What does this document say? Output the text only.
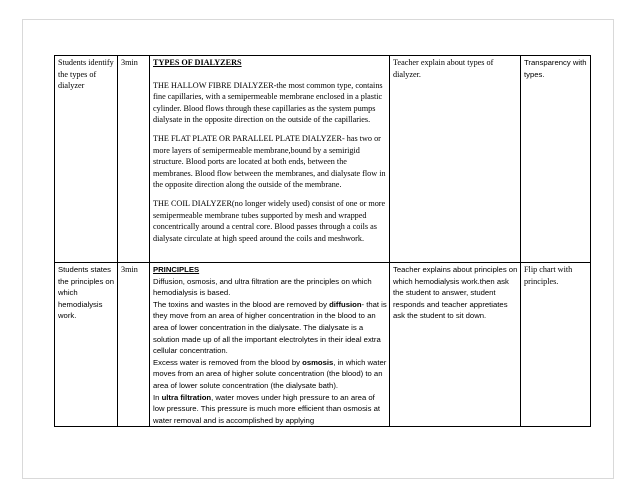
Students identify the types of dialyzer	3min	TYPES OF DIALYZERS

THE HALLOW FIBRE DIALYZER-the most common type, contains fine capillaries, with a semipermeable membrane enclosed in a plastic cylinder. Blood flows through these capillaries as the system pumps dialysate in the opposite direction on the outside of the capillaries.

THE FLAT PLATE OR PARALLEL PLATE DIALYZER- has two or more layers of semipermeable membrane,bound by a semirigid structure. Blood ports are located at both ends, between the membranes. Blood flow between the membranes, and dialysate flow in the opposite direction along the outside of the membrane.

THE COIL DIALYZER(no longer widely used) consist of one or more semipermeable membrane tubes supported by mesh and wrapped concentrically around a central core. Blood passes through a coils as dialysate circulate at high speed around the coils and meshwork.	Teacher explain about types of dialyzer.	Transparency with types.
Students states the principles on which hemodialysis work.	3min	PRINCIPLES

Diffusion, osmosis, and ultra filtration are the principles on which hemodialysis is based.

The toxins and wastes in the blood are removed by diffusion- that is they move from an area of higher concentration in the blood to an area of lower concentration in the dialysate. The dialysate is a solution made up of all the important electrolytes in their ideal extra cellular concentration.

Excess water is removed from the blood by osmosis, in which water moves from an area of higher solute concentration (the blood) to an area of lower solute concentration (the dialysate bath).

In ultra filtration, water moves under high pressure to an area of low pressure. This pressure is much more efficient than osmosis at water removal and is accomplished by applying	Teacher explains about principles on which hemodialysis work.then ask the student to answer, student responds and teacher appretiates ask the student to sit down.	Flip chart with principles.
